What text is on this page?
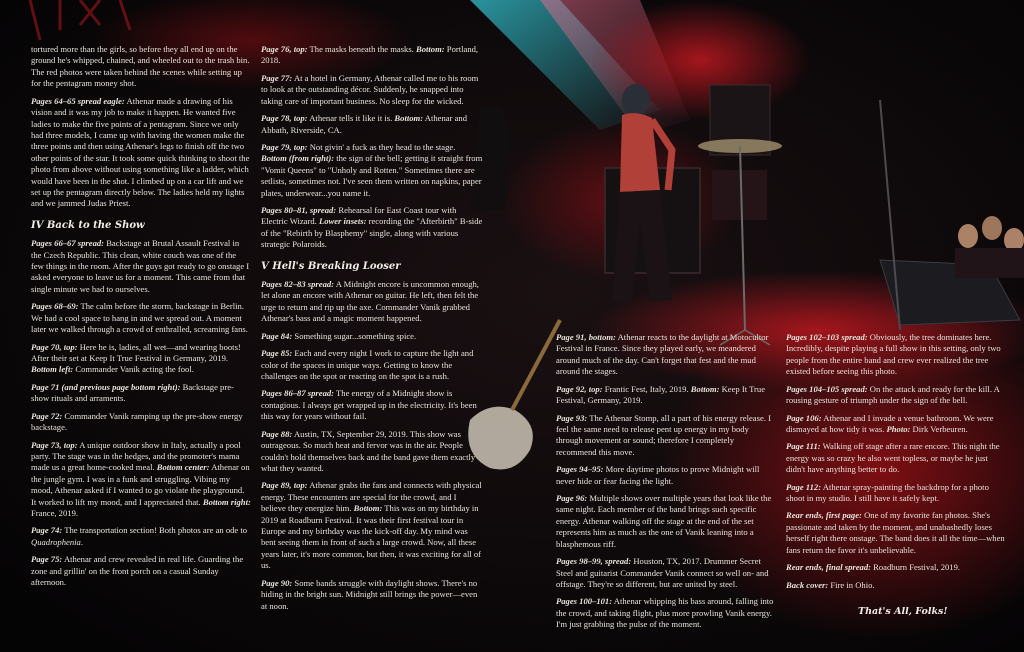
tortured more than the girls, so before they all end up on the ground he's whipped, chained, and wheeled out to the trash bin. The red photos were taken behind the scenes while setting up for the pentagram money shot.

Pages 64–65 spread eagle: Athenar made a drawing of his vision and it was my job to make it happen. He wanted five ladies to make the five points of a pentagram. Since we only had three models, I came up with having the women make the three points and then using Athenar's legs to finish off the two other points of the star. It took some quick thinking to shoot the photo from above without using something like a ladder, which would have been in the shot. I climbed up on a car lift and we set up the pentagram directly below. The ladies held my lights and we jammed Judas Priest.

IV Back to the Show

Pages 66–67 spread: Backstage at Brutal Assault Festival in the Czech Republic. This clean, white couch was one of the few things in the room. After the guys got ready to go onstage I asked everyone to leave us for a moment. This came from that single minute we had to ourselves.

Pages 68–69: The calm before the storm, backstage in Berlin. We had a cool space to hang in and we spread out. A moment later we walked through a crowd of enthralled, screaming fans.

Page 70, top: Here he is, ladies, all wet—and wearing boots! After their set at Keep It True Festival in Germany, 2019. Bottom left: Commander Vanik acting the fool.

Page 71 (and previous page bottom right): Backstage pre-show rituals and arraments.

Page 72: Commander Vanik ramping up the pre-show energy backstage.

Page 73, top: A unique outdoor show in Italy, actually a pool party. The stage was in the hedges, and the promoter's mama made us a great home-cooked meal. Bottom center: Athenar on the jungle gym. I was in a funk and struggling. Vibing my mood, Athenar asked if I wanted to go violate the playground. It worked to lift my mood, and I appreciated that. Bottom right: France, 2019.

Page 74: The transportation section! Both photos are an ode to Quadrophenia.

Page 75: Athenar and crew revealed in real life. Guarding the zone and grillin' on the front porch on a casual Sunday afternoon.

Page 76, top: The masks beneath the masks. Bottom: Portland, 2018.

Page 77: At a hotel in Germany, Athenar called me to his room to look at the outstanding décor. Suddenly, he snapped into taking care of important business. No sleep for the wicked.

Page 78, top: Athenar tells it like it is. Bottom: Athenar and Abbath, Riverside, CA.

Page 79, top: Not givin' a fuck as they head to the stage. Bottom (from right): the sign of the bell; getting it straight from "Vomit Queens" to "Unholy and Rotten." Sometimes there are setlists, sometimes not. I've seen them written on napkins, paper plates, underwear...you name it.

Pages 80–81, spread: Rehearsal for East Coast tour with Electric Wizard. Lower insets: recording the "Afterbirth" B-side of the "Rebirth by Blasphemy" single, along with various strategic Polaroids.

V Hell's Breaking Looser

Pages 82–83 spread: A Midnight encore is uncommon enough, let alone an encore with Athenar on guitar. He left, then felt the urge to return and rip up the axe. Commander Vanik grabbed Athenar's bass and a magic moment happened.

Page 84: Something sugar...something spice.

Page 85: Each and every night I work to capture the light and color of the spaces in unique ways. Getting to know the challenges on the spot or reacting on the spot is a rush.

Pages 86–87 spread: The energy of a Midnight show is contagious. I always get wrapped up in the electricity. It's been this way for years without fail.

Page 88: Austin, TX, September 29, 2019. This show was outrageous. So much heat and fervor was in the air. People couldn't hold themselves back and the band gave them exactly what they wanted.

Page 89, top: Athenar grabs the fans and connects with physical energy. These encounters are special for the crowd, and I believe they energize him. Bottom: This was on my birthday in 2019 at Roadburn Festival. It was their first festival tour in Europe and my birthday was the kick-off day. My mind was bent seeing them in front of such a large crowd. Now, all these years later, it's more common, but then, it was exciting for all of us.

Page 90: Some bands struggle with daylight shows. There's no hiding in the bright sun. Midnight still brings the power—even at noon.

Page 91, bottom: Athenar reacts to the daylight at Motocultor Festival in France. Since they played early, we meandered around much of the day. Can't forget that fest and the mud around the stages.

Page 92, top: Frantic Fest, Italy, 2019. Bottom: Keep It True Festival, Germany, 2019.

Page 93: The Athenar Stomp, all a part of his energy release. I feel the same need to release pent up energy in my body through movement or sound; therefore I completely recommend this move.

Pages 94–95: More daytime photos to prove Midnight will never hide or fear facing the light.

Page 96: Multiple shows over multiple years that look like the same night. Each member of the band brings such specific energy. Athenar walking off the stage at the end of the set represents him as much as the one of Vanik leaning into a blasphemous riff.

Pages 98–99, spread: Houston, TX, 2017. Drummer Secret Steel and guitarist Commander Vanik connect so well on- and offstage. They're so different, but are united by steel.

Pages 100–101: Athenar whipping his bass around, falling into the crowd, and taking flight, plus more prowling Vanik energy. I'm just grabbing the pulse of the moment.

Pages 102–103 spread: Obviously, the tree dominates here. Incredibly, despite playing a full show in this setting, only two people from the entire band and crew ever realized the tree existed before seeing this photo.

Pages 104–105 spread: On the attack and ready for the kill. A rousing gesture of triumph under the sign of the bell.

Page 106: Athenar and I invade a venue bathroom. We were dismayed at how tidy it was. Photo: Dirk Verbeuren.

Page 111: Walking off stage after a rare encore. This night the energy was so crazy he also went topless, or maybe he just didn't have anything better to do.

Page 112: Athenar spray-painting the backdrop for a photo shoot in my studio. I still have it safely kept.

Rear ends, first page: One of my favorite fan photos. She's passionate and taken by the moment, and unabashedly loses herself right there onstage. The band does it all the time—when fans return the favor it's unbelievable.

Rear ends, final spread: Roadburn Festival, 2019.

Back cover: Fire in Ohio.

That's All, Folks!
